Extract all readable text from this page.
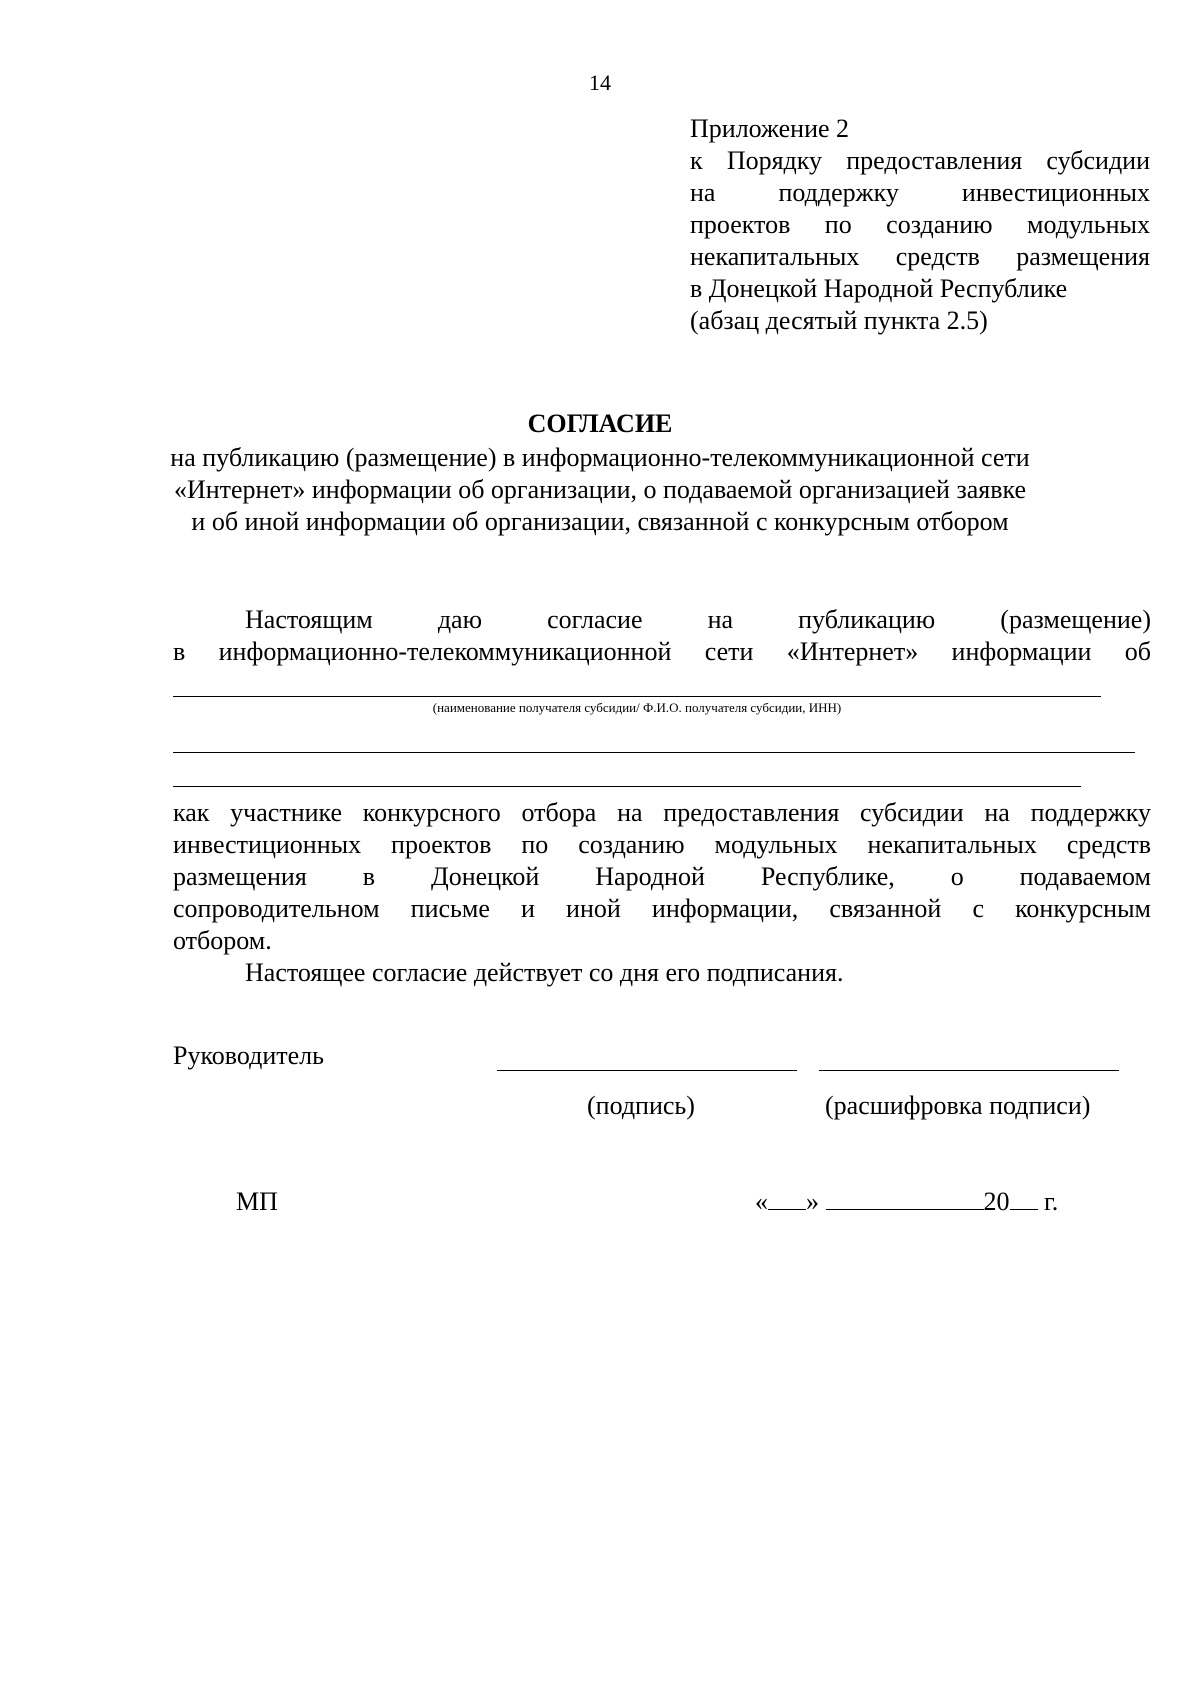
14
Приложение 2
к Порядку предоставления субсидии
на поддержку инвестиционных
проектов по созданию модульных
некапитальных средств размещения
в Донецкой Народной Республике
(абзац десятый пункта 2.5)
СОГЛАСИЕ
на публикацию (размещение) в информационно-телекоммуникационной сети
«Интернет» информации об организации, о подаваемой организацией заявке
и об иной информации об организации, связанной с конкурсным отбором
Настоящим даю согласие на публикацию (размещение)
в информационно-телекоммуникационной сети «Интернет» информации об
(наименование получателя субсидии/ Ф.И.О. получателя субсидии, ИНН)
как участнике конкурсного отбора на предоставления субсидии на поддержку
инвестиционных проектов по созданию модульных некапитальных средств
размещения в Донецкой Народной Республике, о подаваемом
сопроводительном письме и иной информации, связанной с конкурсным
отбором.
Настоящее согласие действует со дня его подписания.
Руководитель
(подпись)	(расшифровка подписи)
МП	« »	20 г.
